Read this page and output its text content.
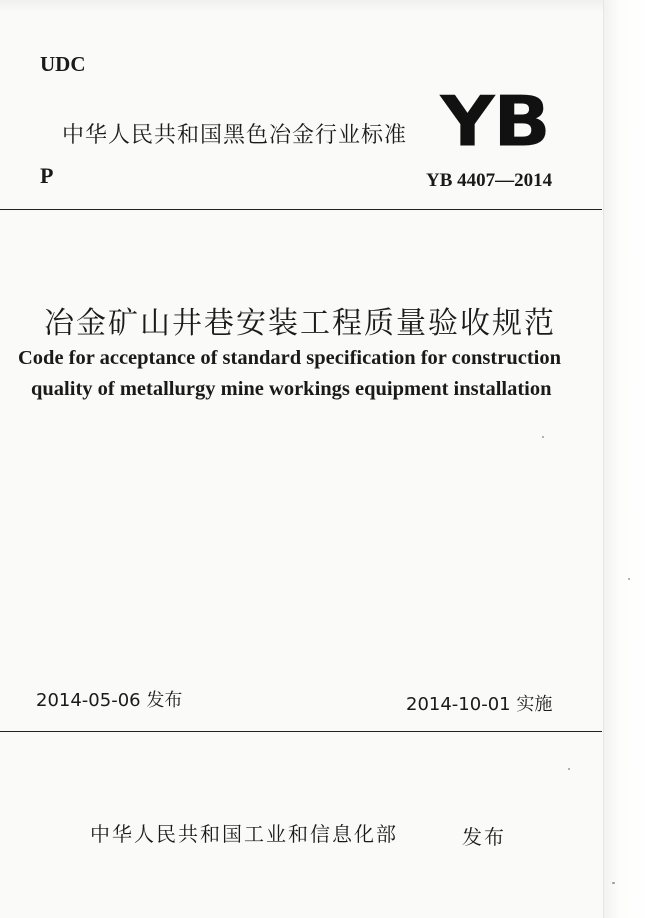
UDC
中华人民共和国黑色冶金行业标准 YB
P	YB 4407—2014
冶金矿山井巷安装工程质量验收规范
Code for acceptance of standard specification for construction
quality of metallurgy mine workings equipment installation
2014-05-06 发布	2014-10-01 实施
中华人民共和国工业和信息化部	发布
